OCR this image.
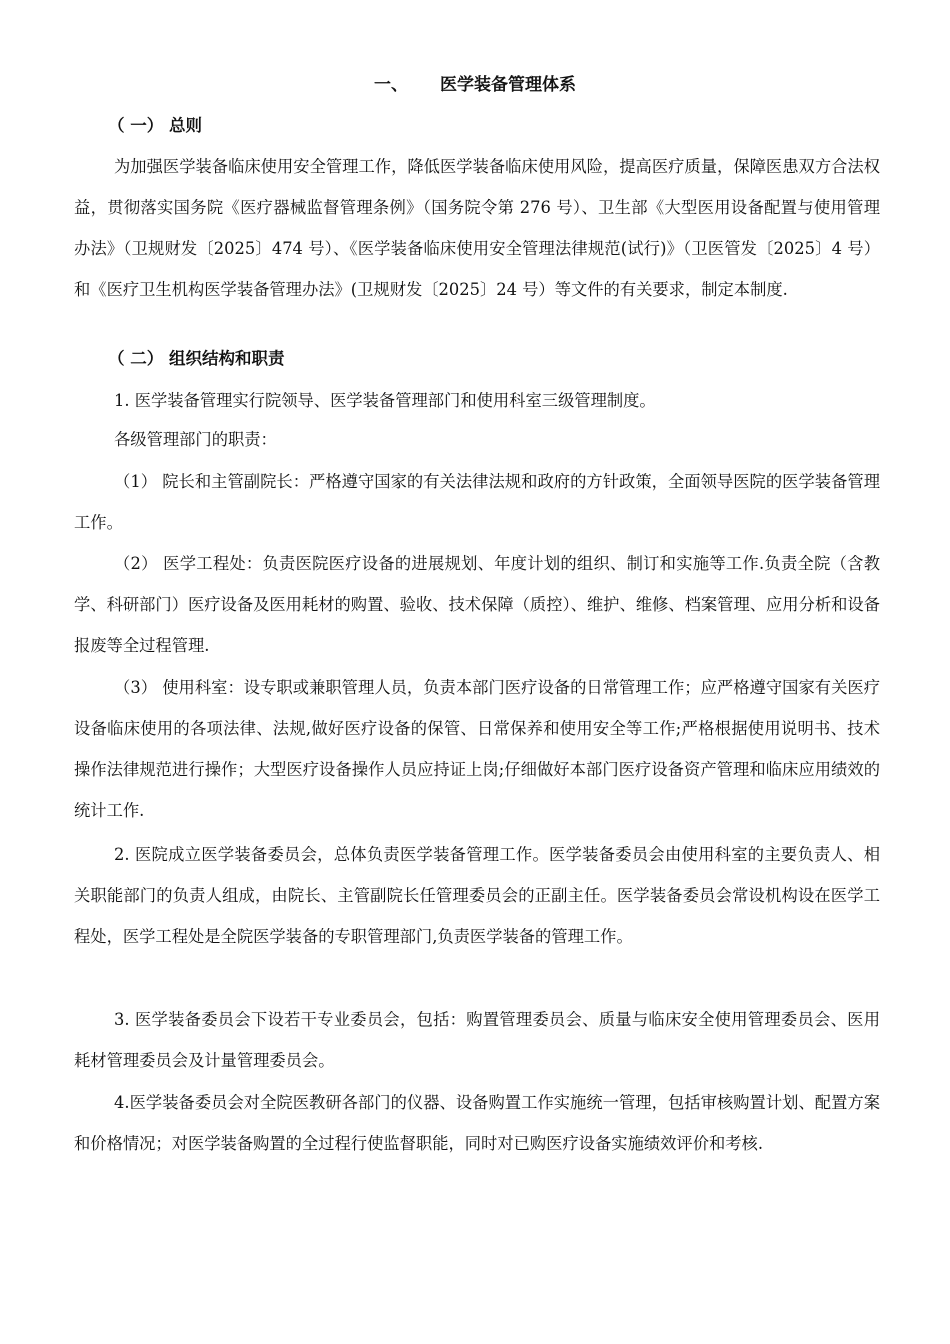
一、 医学装备管理体系
（ 一） 总则

为加强医学装备临床使用安全管理工作，降低医学装备临床使用风险，提高医疗质量，保障医患双方合法权益，贯彻落实国务院《医疗器械监督管理条例》（国务院令第 276 号）、卫生部《大型医用设备配置与使用管理办法》（卫规财发〔2025〕474 号）、《医学装备临床使用安全管理法律规范(试行)》（卫医管发〔2025〕4 号）和《医疗卫生机构医学装备管理办法》(卫规财发〔2025〕24 号）等文件的有关要求，制定本制度.

（ 二） 组织结构和职责

1. 医学装备管理实行院领导、医学装备管理部门和使用科室三级管理制度。

各级管理部门的职责：

（1） 院长和主管副院长：严格遵守国家的有关法律法规和政府的方针政策，全面领导医院的医学装备管理工作。

（2） 医学工程处：负责医院医疗设备的进展规划、年度计划的组织、制订和实施等工作.负责全院（含教学、科研部门）医疗设备及医用耗材的购置、验收、技术保障（质控）、维护、维修、档案管理、应用分析和设备报废等全过程管理.

（3） 使用科室：设专职或兼职管理人员，负责本部门医疗设备的日常管理工作；应严格遵守国家有关医疗设备临床使用的各项法律、法规,做好医疗设备的保管、日常保养和使用安全等工作;严格根据使用说明书、技术操作法律规范进行操作；大型医疗设备操作人员应持证上岗;仔细做好本部门医疗设备资产管理和临床应用绩效的统计工作.

2. 医院成立医学装备委员会，总体负责医学装备管理工作。医学装备委员会由使用科室的主要负责人、相关职能部门的负责人组成，由院长、主管副院长任管理委员会的正副主任。医学装备委员会常设机构设在医学工程处，医学工程处是全院医学装备的专职管理部门,负责医学装备的管理工作。

3. 医学装备委员会下设若干专业委员会，包括：购置管理委员会、质量与临床安全使用管理委员会、医用耗材管理委员会及计量管理委员会。

4.医学装备委员会对全院医教研各部门的仪器、设备购置工作实施统一管理，包括审核购置计划、配置方案和价格情况；对医学装备购置的全过程行使监督职能，同时对已购医疗设备实施绩效评价和考核.
